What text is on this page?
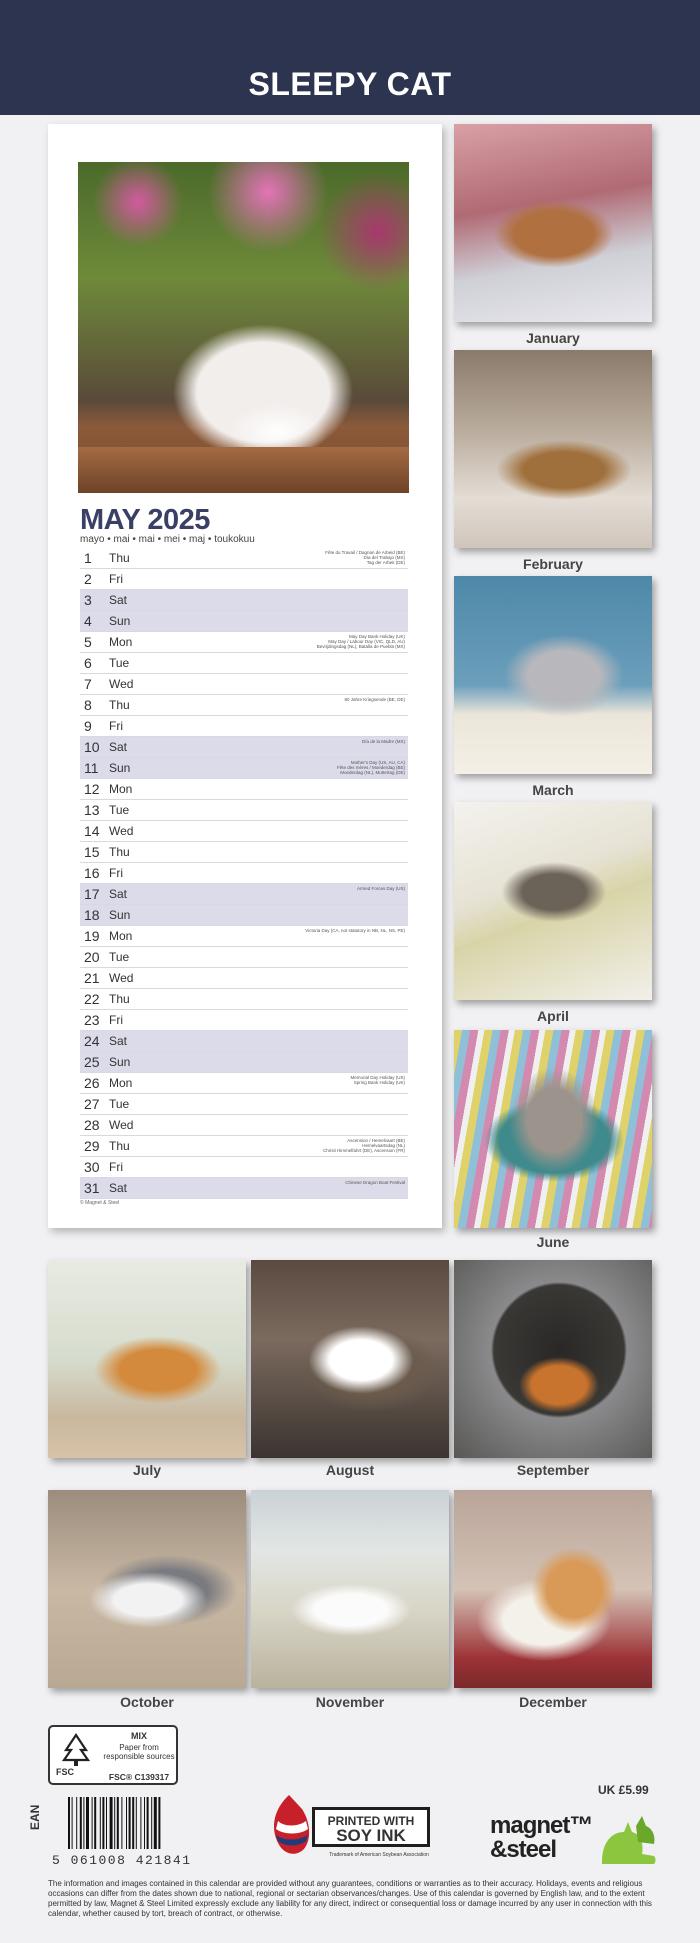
SLEEPY CAT
MAY 2025
mayo • mai • mai • mei • maj • toukokuu
1 Thu	Fête du Travail / Dagnan de Arbeid (BE)
Día del Trabajo (MX)
Tag der Arbeit (DE)
2 Fri
3 Sat
4 Sun
5 Mon	May Day Bank Holiday (UK)
May Day / Labour Day (VIC, QLD, AU)
Bevrijdingsdag (NL), Batalla de Puebla (MX)
6 Tue
7 Wed
8 Thu	80 Jahre Kriegsende (BE, DE)
9 Fri
10 Sat	Día de la Madre (MX)
11 Sun	Mother's Day (US, AU, CA)
Fête des mères / Moederdag (BE)
Moederdag (NL), Muttertag (DE)
12 Mon
13 Tue
14 Wed
15 Thu
16 Fri
17 Sat	Armed Forces Day (US)
18 Sun
19 Mon	Victoria Day (CA, not statutory in NB, NL, NS, PE)
20 Tue
21 Wed
22 Thu
23 Fri
24 Sat
25 Sun
26 Mon	Memorial Day Holiday (US)
Spring Bank Holiday (UK)
27 Tue
28 Wed
29 Thu	Ascension / Hemelvaart (BE)
Hemelvaartsdag (NL)
Christi Himmelfahrt (DE), Ascension (FR)
30 Fri
31 Sat	Chinese Dragon Boat Festival
© Magnet & Steel
January
February
March
April
June
July	August	September
October	November	December
FSC
MIX
Paper from responsible sources
FSC® C139317
EAN
5 061008 421841
PRINTED WITH
SOY INK
Trademark of American Soybean Association
UK £5.99
magnet™
&steel
The information and images contained in this calendar are provided without any guarantees, conditions or warranties as to their accuracy. Holidays, events and religious occasions can differ from the dates shown due to national, regional or sectarian observances/changes. Use of this calendar is governed by English law, and to the extent permitted by law, Magnet & Steel Limited expressly exclude any liability for any direct, indirect or consequential loss or damage incurred by any user in connection with this calendar, whether caused by tort, breach of contract, or otherwise.
